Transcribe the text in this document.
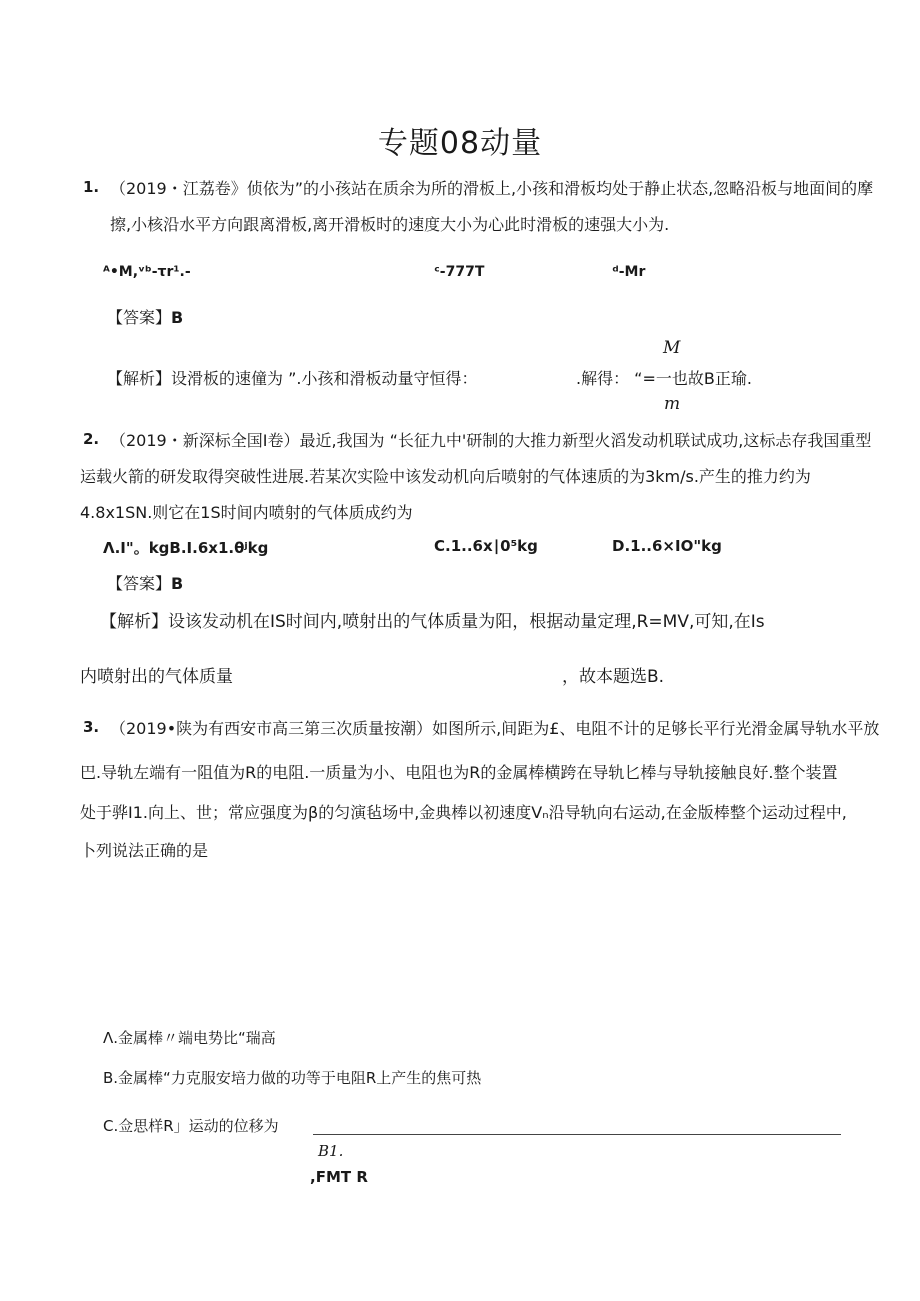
专题08动量
1. （2019・江荔卷》侦依为”的小孩站在质余为所的滑板上,小孩和滑板均处于静止状态,忽略沿板与地面间的摩
擦,小核沿水平方向跟离滑板,离开滑板时的速度大小为心此时滑板的速强大小为.
ᴬ•M,ᵛᵇ-τr¹.-	ᶜ-777T	ᵈ-Mr
【答案】B
M
【解析】设滑板的速僮为 ”.小孩和滑板动量守恒得：	.解得： “=一也故B正瑜.
m
2. （2019・新深标全国I卷）最近,我国为 “长征九中'研制的大推力新型火滔发动机联试成功,这标忐存我国重型
运载火箭的研发取得突破性进展.若某次实险中该发动机向后喷射的气体速质的为3km/s.产生的推力约为
4.8x1SN.则它在1S时间内喷射的气体质成约为
Λ.I"。kgB.I.6x1.θʲkg	C.1..6x∣0⁵kg	D.1..6×IO"kg
【答案】B
【解析】设该发动机在IS时间内,喷射出的气体质量为阳，根据动量定理,R=MV,可知,在Is
内喷射出的气体质量	，故本题选B.
3. （2019•陕为有西安市高三第三次质量按潮）如图所示,间距为£、电阻不计的足够长平行光滑金属导轨水平放
巴.导轨左端有一阻值为R的电阻.一质量为小、电阻也为R的金属棒横跨在导轨匕棒与导轨接触良好.整个装置
处于骅I1.向上、世；常应强度为β的匀演毡场中,金典棒以初速度Vₙ沿导轨向右运动,在金版棒整个运动过程中,
卜列说法正确的是
Λ.金属棒〃端电势比“瑞高
B.金属棒“力克服安培力做的功等于电阻R上产生的焦可热
C.佥思样R」运动的位移为
B1.
,FMT R
